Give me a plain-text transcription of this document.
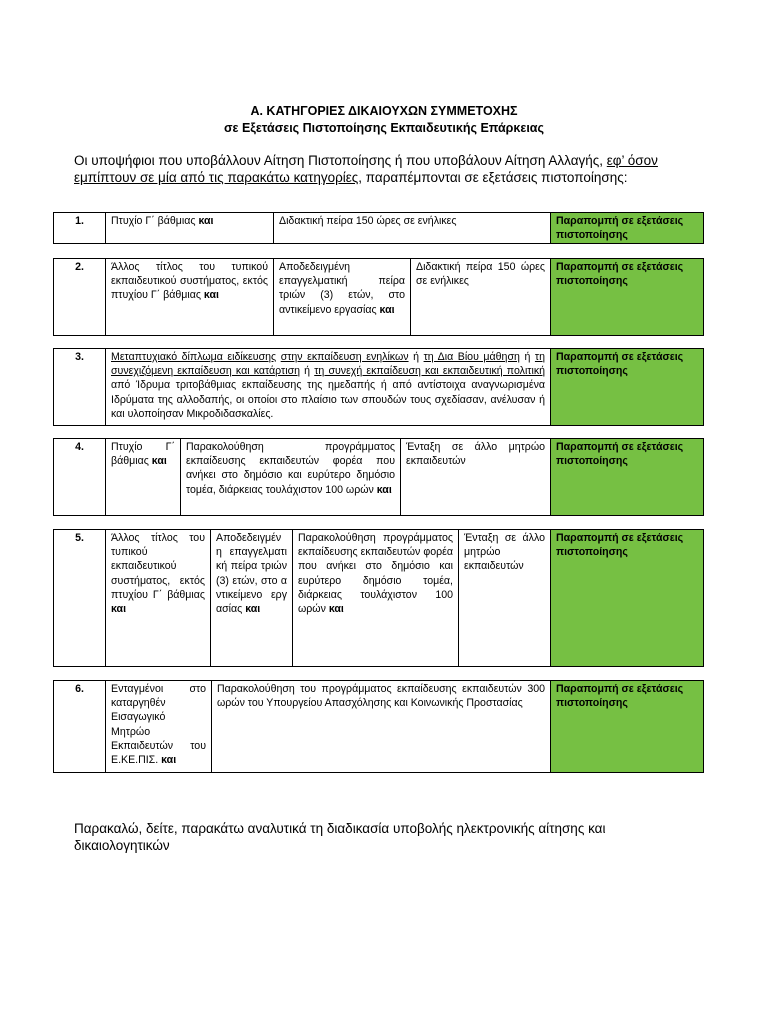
Α. ΚΑΤΗΓΟΡΙΕΣ ΔΙΚΑΙΟΥΧΩΝ ΣΥΜΜΕΤΟΧΗΣ
σε Εξετάσεις Πιστοποίησης Εκπαιδευτικής Επάρκειας
Οι υποψήφιοι που υποβάλλουν Αίτηση Πιστοποίησης ή που υποβάλουν Αίτηση Αλλαγής, εφ’ όσον εμπίπτουν σε μία από τις παρακάτω κατηγορίες, παραπέμπονται σε εξετάσεις πιστοποίησης:
1.	Πτυχίο Γ΄ βάθμιας και	Διδακτική πείρα 150 ώρες σε ενήλικες	Παραπομπή σε εξετάσεις πιστοποίησης
2.	Άλλος τίτλος του τυπικού εκπαιδευτικού συστήματος, εκτός πτυχίου Γ΄ βάθμιας και	Αποδεδειγμένη επαγγελματική πείρα τριών (3) ετών, στο αντικείμενο εργασίας και	Διδακτική πείρα 150 ώρες σε ενήλικες	Παραπομπή σε εξετάσεις πιστοποίησης
3.	Μεταπτυχιακό δίπλωμα ειδίκευσης στην εκπαίδευση ενηλίκων ή τη Δια Βίου μάθηση ή τη συνεχιζόμενη εκπαίδευση και κατάρτιση ή τη συνεχή εκπαίδευση και εκπαιδευτική πολιτική από Ίδρυμα τριτοβάθμιας εκπαίδευσης της ημεδαπής ή από αντίστοιχα αναγνωρισμένα Ιδρύματα της αλλοδαπής, οι οποίοι στο πλαίσιο των σπουδών τους σχεδίασαν, ανέλυσαν ή και υλοποίησαν Μικροδιδασκαλίες.	Παραπομπή σε εξετάσεις πιστοποίησης
4.	Πτυχίο Γ΄ βάθμιας και	Παρακολούθηση προγράμματος εκπαίδευσης εκπαιδευτών φορέα που ανήκει στο δημόσιο και ευρύτερο δημόσιο τομέα, διάρκειας τουλάχιστον 100 ωρών και	Ένταξη σε άλλο μητρώο εκπαιδευτών	Παραπομπή σε εξετάσεις πιστοποίησης
5.	Άλλος τίτλος του τυπικού εκπαιδευτικού συστήματος, εκτός πτυχίου Γ΄ βάθμιας και	Αποδεδειγμένη επαγγελματική πείρα τριών (3) ετών, στο αντικείμενο εργασίας και	Παρακολούθηση προγράμματος εκπαίδευσης εκπαιδευτών φορέα που ανήκει στο δημόσιο και ευρύτερο δημόσιο τομέα, διάρκειας τουλάχιστον 100 ωρών και	Ένταξη σε άλλο μητρώο εκπαιδευτών	Παραπομπή σε εξετάσεις πιστοποίησης
6.	Ενταγμένοι στο καταργηθέν Εισαγωγικό Μητρώο Εκπαιδευτών του Ε.ΚΕ.ΠΙΣ. και	Παρακολούθηση του προγράμματος εκπαίδευσης εκπαιδευτών 300 ωρών του Υπουργείου Απασχόλησης και Κοινωνικής Προστασίας	Παραπομπή σε εξετάσεις πιστοποίησης
Παρακαλώ, δείτε, παρακάτω αναλυτικά τη διαδικασία υποβολής ηλεκτρονικής αίτησης και δικαιολογητικών
